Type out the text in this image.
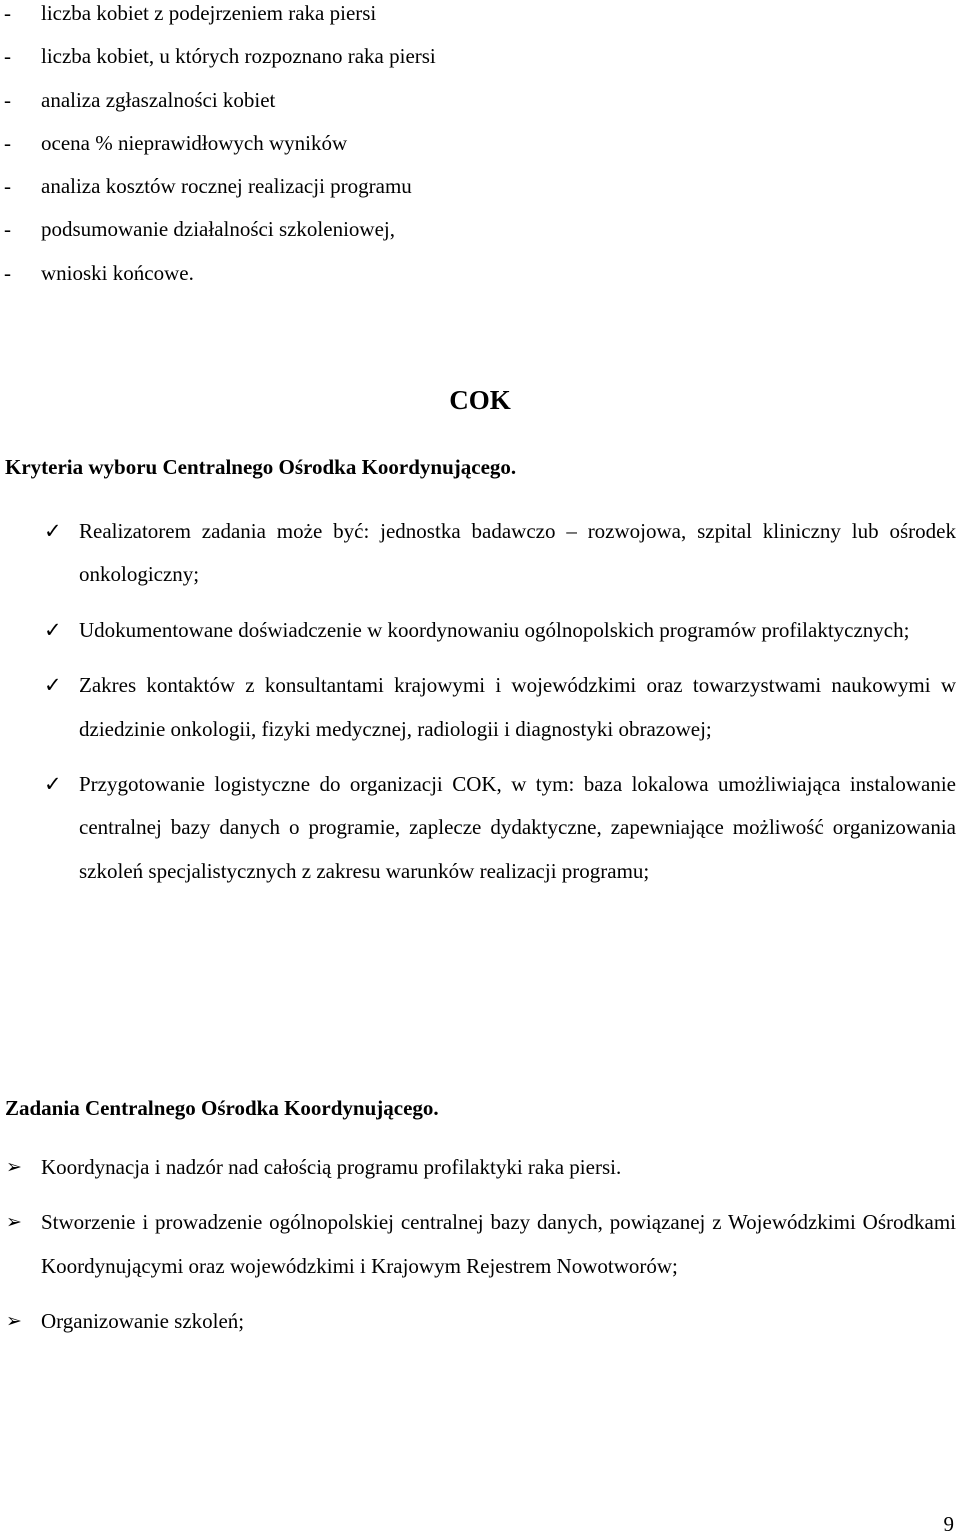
- liczba kobiet z podejrzeniem raka piersi
- liczba kobiet, u których rozpoznano raka piersi
- analiza zgłaszalności kobiet
- ocena % nieprawidłowych wyników
- analiza kosztów rocznej realizacji programu
- podsumowanie działalności szkoleniowej,
- wnioski końcowe.
COK
Kryteria wyboru Centralnego Ośrodka Koordynującego.
✓ Realizatorem zadania może być: jednostka badawczo – rozwojowa, szpital kliniczny lub ośrodek onkologiczny;
✓ Udokumentowane doświadczenie w koordynowaniu ogólnopolskich programów profilaktycznych;
✓ Zakres kontaktów z konsultantami krajowymi i wojewódzkimi oraz towarzystwami naukowymi w dziedzinie onkologii, fizyki medycznej, radiologii i diagnostyki obrazowej;
✓ Przygotowanie logistyczne do organizacji COK, w tym: baza lokalowa umożliwiająca instalowanie centralnej bazy danych o programie, zaplecze dydaktyczne, zapewniające możliwość organizowania szkoleń specjalistycznych z zakresu warunków realizacji programu;
Zadania Centralnego Ośrodka Koordynującego.
➢ Koordynacja i nadzór nad całością programu profilaktyki raka piersi.
➢ Stworzenie i prowadzenie ogólnopolskiej centralnej bazy danych, powiązanej z Wojewódzkimi Ośrodkami Koordynującymi oraz wojewódzkimi i Krajowym Rejestrem Nowotworów;
➢ Organizowanie szkoleń;
9
